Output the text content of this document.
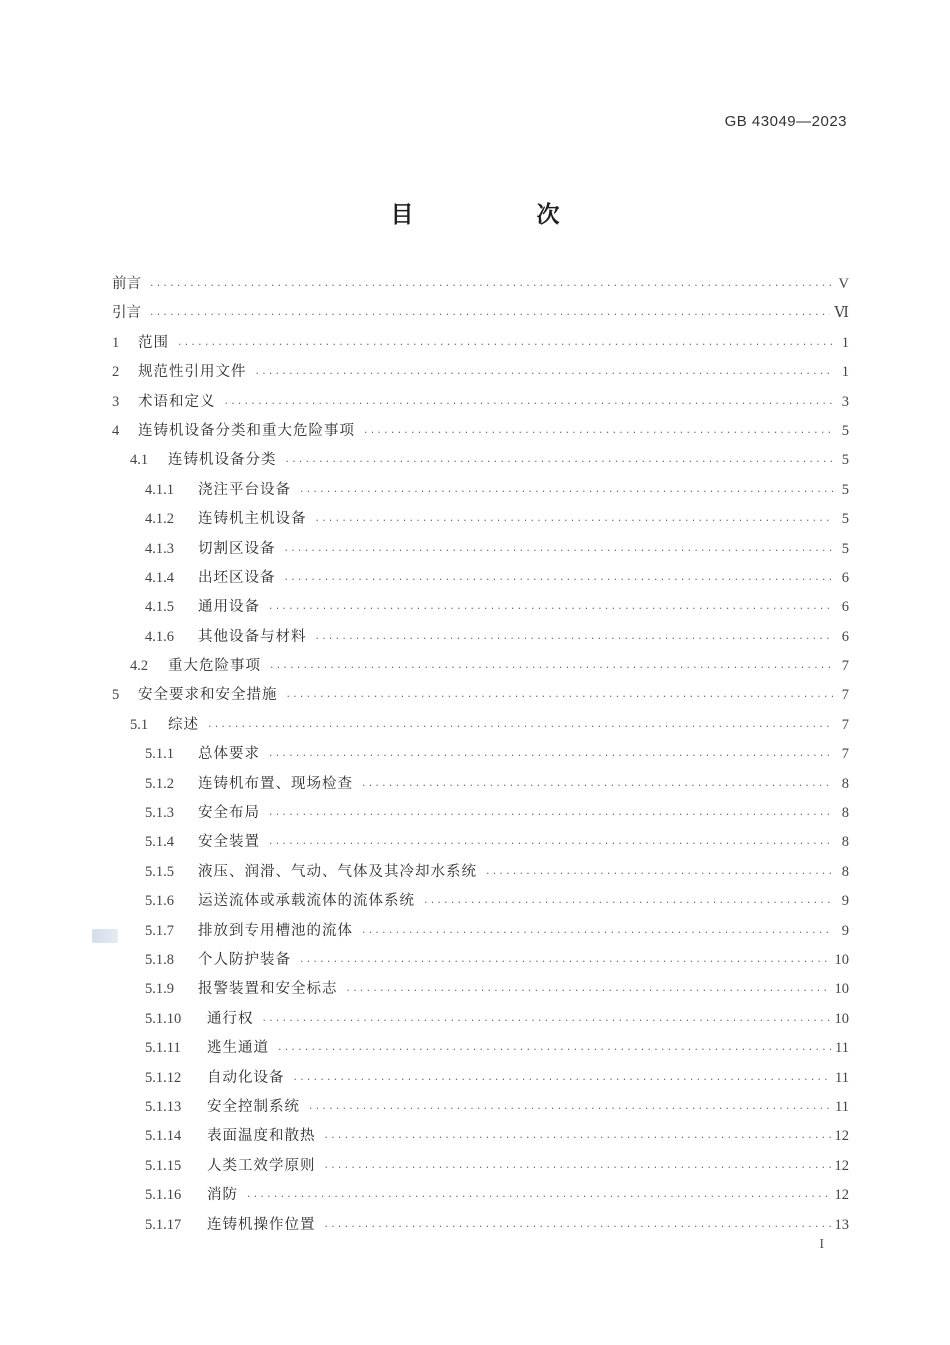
GB 43049—2023
目　次
前言 .....	V
引言 .....	Ⅵ
1	范围 .....	1
2	规范性引用文件 .....	1
3	术语和定义 .....	3
4	连铸机设备分类和重大危险事项 .....	5
4.1	连铸机设备分类 .....	5
4.1.1	浇注平台设备 .....	5
4.1.2	连铸机主机设备 .....	5
4.1.3	切割区设备 .....	5
4.1.4	出坯区设备 .....	6
4.1.5	通用设备 .....	6
4.1.6	其他设备与材料 .....	6
4.2	重大危险事项 .....	7
5	安全要求和安全措施 .....	7
5.1	综述 .....	7
5.1.1	总体要求 .....	7
5.1.2	连铸机布置、现场检查 .....	8
5.1.3	安全布局 .....	8
5.1.4	安全装置 .....	8
5.1.5	液压、润滑、气动、气体及其冷却水系统 .....	8
5.1.6	运送流体或承载流体的流体系统 .....	9
5.1.7	排放到专用槽池的流体 .....	9
5.1.8	个人防护装备 .....	10
5.1.9	报警装置和安全标志 .....	10
5.1.10	通行权 .....	10
5.1.11	逃生通道 .....	11
5.1.12	自动化设备 .....	11
5.1.13	安全控制系统 .....	11
5.1.14	表面温度和散热 .....	12
5.1.15	人类工效学原则 .....	12
5.1.16	消防 .....	12
5.1.17	连铸机操作位置 .....	13
I
